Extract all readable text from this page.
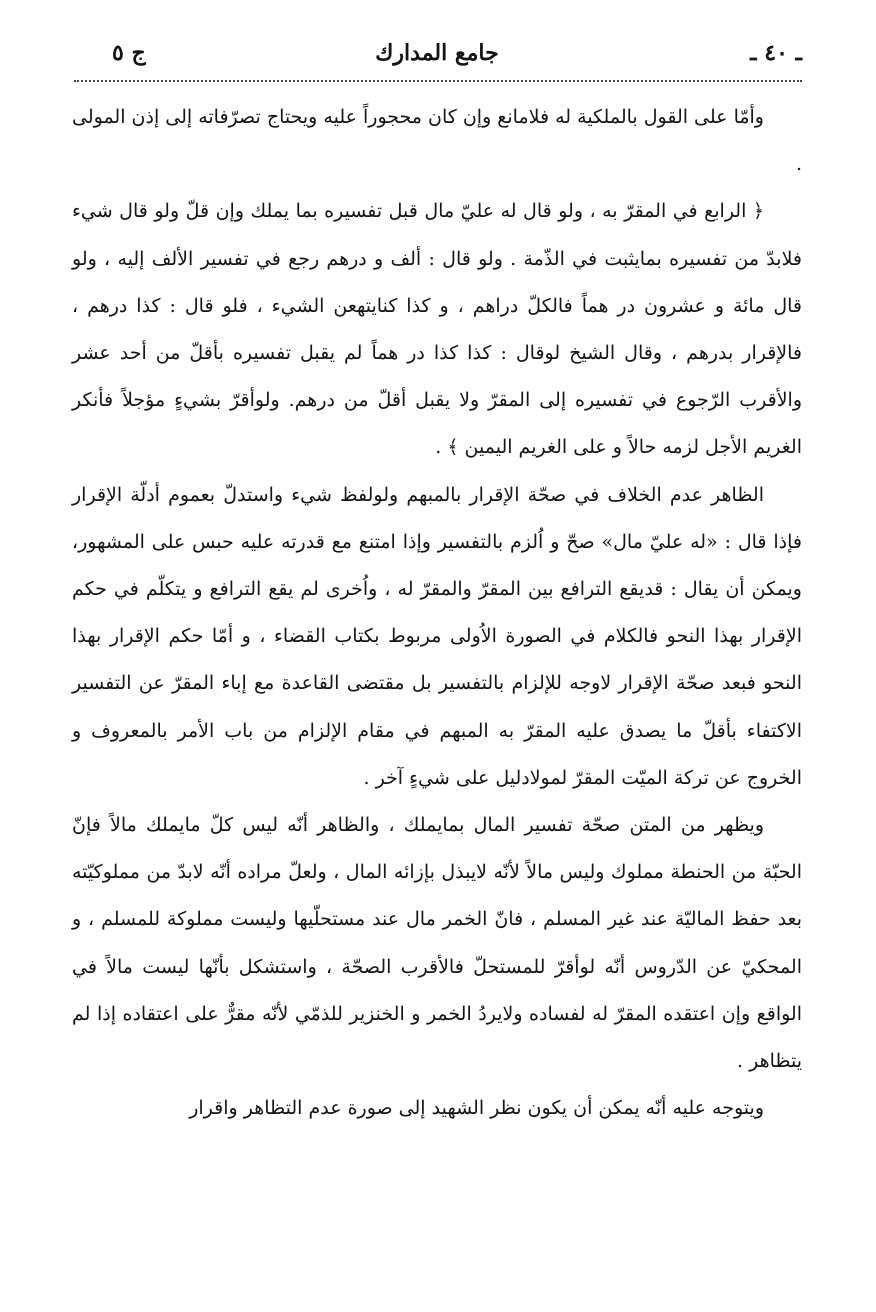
ـ ٤٠ ـ
جامع المدارك
ج ٥

وأمّا على القول بالملكية له فلامانع وإن كان محجوراً عليه ويحتاج تصرّفاته إلى إذن المولى .

﴿ الرابع في المقرّ به ، ولو قال له عليّ مال قبل تفسيره بما يملك وإن قلّ ولو قال شيء فلابدّ من تفسيره بمايثبت في الذّمة . ولو قال : ألف و درهم رجع في تفسير الألف إليه ، ولو قال مائة و عشرون در هماً فالكلّ دراهم ، و كذا كنايتهعن الشيء ، فلو قال : كذا درهم ، فالإقرار بدرهم ، وقال الشيخ لوقال : كذا كذا در هماً لم يقبل تفسيره بأقلّ من أحد عشر والأقرب الرّجوع في تفسيره إلى المقرّ ولا يقبل أقلّ من درهم. ولوأقرّ بشيءٍ مؤجلاً فأنكر الغريم الأجل لزمه حالاً و على الغريم اليمين ﴾ .

الظاهر عدم الخلاف في صحّة الإقرار بالمبهم ولولفظ شيء واستدلّ بعموم أدلّة الإقرار فإذا قال : «له عليّ مال» صحّ و اُلزم بالتفسير وإذا امتنع مع قدرته عليه حبس على المشهور، ويمكن أن يقال : قديقع الترافع بين المقرّ والمقرّ له ، واُخرى لم يقع الترافع و يتكلّم في حكم الإقرار بهذا النحو فالكلام في الصورة الاُولى مربوط بكتاب القضاء ، و أمّا حكم الإقرار بهذا النحو فبعد صحّة الإقرار لاوجه للإلزام بالتفسير بل مقتضى القاعدة مع إباء المقرّ عن التفسير الاكتفاء بأقلّ ما يصدق عليه المقرّ به المبهم في مقام الإلزام من باب الأمر بالمعروف و الخروج عن تركة الميّت المقرّ لمولادليل على شيءٍ آخر .

ويظهر من المتن صحّة تفسير المال بمايملك ، والظاهر أنّه ليس كلّ مايملك مالاً فإنّ الحبّة من الحنطة مملوك وليس مالاً لأنّه لايبذل بإزائه المال ، ولعلّ مراده أنّه لابدّ من مملوكيّته بعد حفظ الماليّة عند غير المسلم ، فانّ الخمر مال عند مستحلّيها وليست مملوكة للمسلم ، و المحكيّ عن الدّروس أنّه لوأقرّ للمستحلّ فالأقرب الصحّة ، واستشكل بأنّها ليست مالاً في الواقع وإن اعتقده المقرّ له لفساده ولايردُ الخمر و الخنزير للذمّي لأنّه مقرٌّ على اعتقاده إذا لم يتظاهر .

ويتوجه عليه أنّه يمكن أن يكون نظر الشهيد إلى صورة عدم التظاهر واقرار
